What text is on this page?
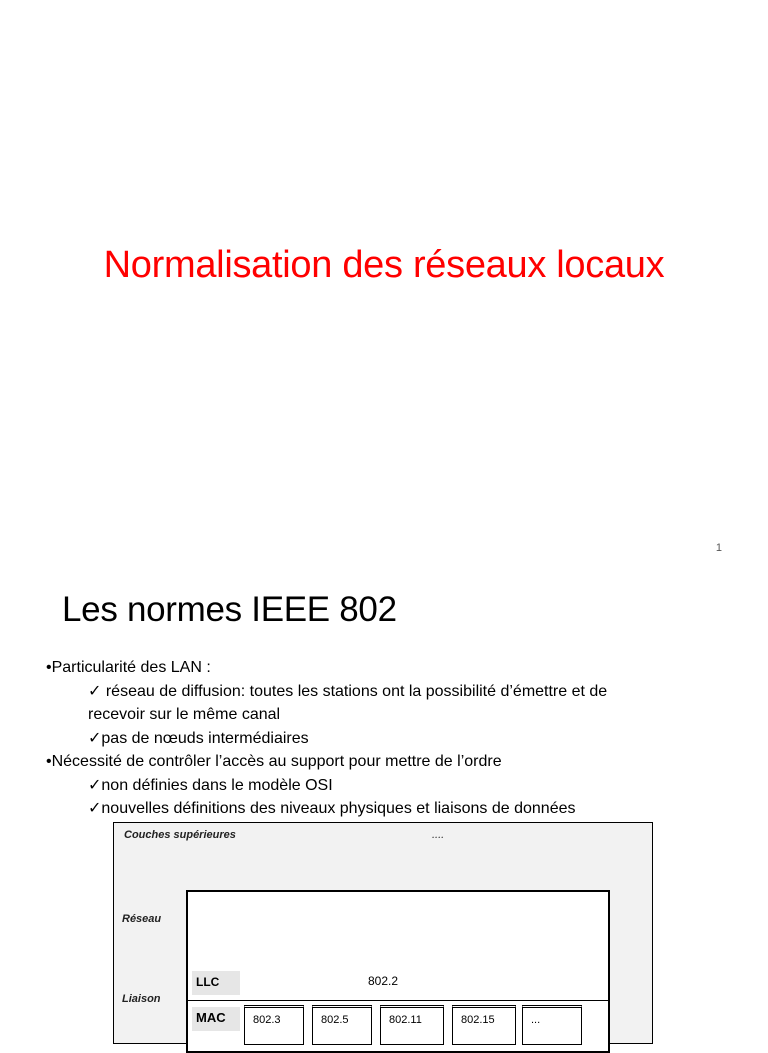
Normalisation des réseaux locaux
1
Les normes IEEE 802
•Particularité des LAN :
✓ réseau de diffusion: toutes les stations ont la possibilité d’émettre et de
recevoir sur le même canal
✓pas de nœuds intermédiaires
•Nécessité de contrôler l’accès au support pour mettre de l’ordre
✓non définies dans le modèle OSI
✓nouvelles définitions des niveaux physiques et liaisons de données
Couches supérieures	....
Réseau
Liaison
LLC	802.2
MAC	802.3	802.5	802.11	802.15	...
